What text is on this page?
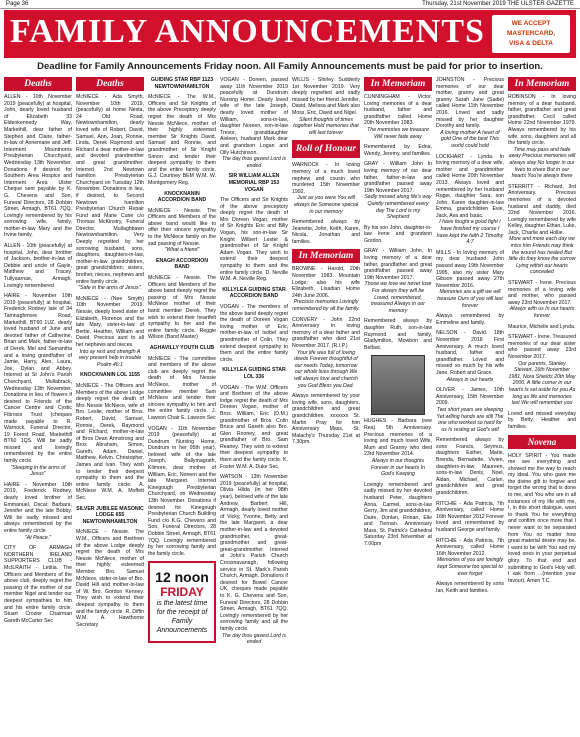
Page 36	Thursday, 21st November 2019 THE ULSTER GAZETTE
FAMILY ANNOUNCEMENTS	WE ACCEPT
MASTERCARD,
VISA & DELTA
Deadline for Family Announcements Friday noon. All Family Announcements must be paid for prior to insertion.
Deaths
ALLEN - 10th November 2019 (peacefully) at hospital, John, dearly loved husband of Elizabeth 33 Eldenkennedy Way, Markethill, dear father of Stephen and Claire, father-in-law of Annemarie and Jeff. Interment Mountnorris Presbyterian Churchyard, Wednesday 13th November. Donations if desired for Southern Area Hospice and Interment Area Ulster Cheque sent payable by K. G. Chevens and Son, Funeral Directors, 28 Dobbin Street, Armagh, BT61 7QQ. Lovingly remembered by his sorrowing wife, family, mother-in-law Mary and the Irvine family.
ALLEN - 10th (peacefully) at hospital, John, dear brother of Jackson, brother-in-law of Debbie and uncle of Gayle, Matthew and Tracey. Tullyaarnae, Armagh. Lovingly remembered
HAIRE - November 10th 2019 (peacefully) at hospital, Frederick Rodney late of 34 Tamnaghmore Road, Markethill, BT60 1UZ, dearly loved husband of June and devoted father of Catherine, Brian and Mark, father-in-law of Derek, Mel and Samantha and a loving grandfather of Jamie, Harry, Alex, Laura, Joe, Dylan and Abbey. Interred at St John's Parish Churchyard, Mullabrack, Wednesday 13th November. Donations in lieu of flowers if desired to Friends of the Cancer Centre and Cystic Fibrosis Trust (cheques made payable to R. Warnock, Funeral Director, 19 Forest Road, Markethill BT60 1QS. Will be sadly missed and lovingly remembered by the entire family circle.
"Sleeping in the arms of Jesus"
HAIRE - November 10th 2019, Frederick Rodney, dearly loved brother of Emmanuel, Oscar, Barbara, Jennifer and the late Bobby. Will be sadly missed and always remembered by the entire family circle.
"At Peace."
CITY OF ARMAGH NORTHERN IRELAND SUPPORTERS CLUB - McILRAITH - Letitia. The Officers and Members of the above club, deeply regret the passing of the mother of our member Nigel and tender our deepest sympathies to him and his entire family circle. Stuart Crozier Chairman Gareth McCarter Sec
Deaths
McNIECE - Ada Smyth, November 10th 2019, (peacefully) at home Nesta, 24 Old Road, Newtownhamilton, dearly loved wife of Robert, David, Samuel, Ann, Joan, Ronnie, Linda, Derek Raymond and Richard a dear mother-in-law and devoted grandmother and great grandmother. Interred 2nd Newtown hamilton Presbyterian Churchyard on Tuesday 12th November. Donations in lieu, if desired, to Second Newtown hamilton Presbyterian Church Repair Fund and Marie Curie c/o Thomas McKinstry, Funeral Director, Mullaghbawn Newtownhamilton. Very Deeply regretted by her sorrowing husband, sons, daughters, daughters-in-law, mother-in-law grandchildren, great grandchildren, sisters, brother, nieces, nephews and entire family circle.
"Safe in the arms of Jesus".
McNIECE - (Nee Smyth) 10th November 2019. Nessie, deeply loved sister of Elizabeth, Florence and the late Mary, sister-in-law of Bertie. Heather, William and David. Precious aunt to all her nephews and nieces.
Into ay rest and strength A very present help in trouble Psalm 46:1
KNOCKNANIN LOL 1155
McNIECE - The Officers and Members of the above Lodge deeply regret the death of Mrs Nessie McNiece, wife of Bro. Leslie, mother of Bros. Robert, David, Samuel, Ronnie, Derek, Raymond and Richard, mother-in-law of Bros Dean Armstrong and Bros Abraham, Simon, Gareth, Adam, Daniel, Matthew, Kelvin. Christopher, James and Ivan. They wish to tender their deepest sympathy to them and the entire family circle. A. McNiece W.M. A. Moffett Sec.
SILVER JUBILEE MASONIC LODGE 655 NEWTOWNHAMILTON
McNIECE - Nessie. The W.M., Officers and Brethren of the above Lodge deeply regret the death of Mrs Nessie McNiece, mother of their highly esteemed Member Bro. Samuel McNiece, sister-in-law of Bro. David Hill and mother-in-law of W. Bro. Gordon Kenney. They wish to extend their deepest sympathy to them and the family circle. R. Diffin W.M. A. Hawthorne Secretary
GUIDING STAR RBP 1123 NEWTOWNHAMILTON
McNIECE - The W.M., Officers and Sir Knights of the above Preceptory deeply regret the death of Mrs Nessie McNiece, mother of their highly esteemed member Sir Knights David, Samuel and Ronnie, and grandmother of Sir Knight Simon and tender their deepest sympathy to them and the entire family circle. G.J. Courtney BEM W.M. W. Montgomery Reg.
KNOCKNANIN ACCORDION BAND
McNIECE - Nessie. The Officers and Members of the above band would like to offer their sincere sympathy to the McNiece family on the sad passing of Nessie.
"What a friend"
ENAGH ACCORDION BAND
McNIECE - Nessie. The Officers and Members of the above band deeply regret the passing of Mrs Nessie McNiece mother of their band member Derek. They wish to extend their heartfelt sympathy to her and the entire family circle. Reggie Wilson (Band Master)
AGHAVILLY YOUTH CLUB
McNIECE - The committee and members of the above club are deeply regret the death of Mrs Nessie McNiece, mother of committee member Sam McNiece and tender their sincere sympathy to him and the entire family circle. J. Lawson Chair E. Lawson Sec
VOGAN - 11th November 2019 (peacefully) at Dundrum Nursing Home, Dundrum in her 95th year), beloved wife of the late Joseph, Ballymagrath, Kilmore, dear mother of William, Eric, Noreen and the late Margaret. Interred Kinegough Presbyterian Churchyard, on Wednesday 13th November. Donations if desired for Kinegough Presbyterian Church Building Fund c/o K.G. Chevens and Son, Funeral Directors, 28 Dobbin Street, Armagh, BT61 7QQ. Lovingly remembered by her sorrowing family and the family circle.
12 noon
FRIDAY
is the latest time for the receipt of Family Announcements
VOGAN - Doreen, passed away 11th November 2019 peacefully at Dundrum Nursing Home. Dearly loved wife of the late Joseph, dearly loved mother of William, sons-in-law, daughter Noreen, son-in-law Trevor, granddaughter Aisleen, husband Mark dear and grandson Logan and Olly Hutchinson.
The day thou gavest Lord is ended
SIR WILLIAM ALLEN MEMORIAL RBP 153 VOGAN
The Officers and Sir Knights of the above preceptory deeply regret the death of Mrs Doreen Vogan, mother of Sir Knights Eric and Billy Vogan, his son-in-law Sir Knight Wilbert Lester & grandmother of Sir Knight Adam Vogan. They wish to extend their deepest sympathy to them and the entire family circle. D. Neville W.M. A. Neville Reg.
KILLYLEA GUIDING STAR ACCORDION BAND
VOGAN - The members of the above band deeply regret the death of Doreen Vogan loving mother of Eric, mother-in-law of Isobel and grandmother of Colin. They extend deepest sympathy to them and the entire family circle.
KILLYLEA GUIDING STAR LOL 336
VOGAN - The W.M. Officers and Brethren of the above lodge regret the death of Mrs Doreen Vogan, mother of Bros. William, Eric (D.M.) grandmother of Bros. Colin Bruce and Gareth also Bro. Glen Rooney, and great grandfather of Bro. Sam Reaney. They wish to extend their deepest sympathy to them and the family circle. K. Foster W.M. A. Duke Sec.
WATSON - 13th November 2019 (peacefully) at hospital, Olivia Hilda (in her 98th year), beloved wife of the late Andrew, Barbert Hill, Armagh, dearly loved mother of Vicky, Yvonne, Betty and the late Margaret, a dear mother-in-law and a devoted grandmother, great-grandmother and great-great-grandmother. Interred at John's Parish Church Crossnavanagh, following service in St. Mark's Parish Church, Armagh. Donations if desired for Bowel Cancer UK, cheques made payable to K. G. Chevens and Son, Funeral Directors, 28 Dobbin Street, Armagh, BT61 7QQ. Lovingly remembered by her sorrowing family and all the family circle.
The day thou gavest Lord is ended
WILLIS - Shirley. Suddenly 1st November 2019. Very deeply regretted and sadly missed by her friend Jennifer, David, Melissa and Mark also Moss, Eric, David and Nigel.
Silent thoughts of times together Hold memories that will last forever
Roll of Honour
WARNOCK - In loving memory of a much loved nephew and cousin who murdered 15th November 1992.
Just as you were You will always be Someone special in our memory
Remembered always by Jeanette, John, Keith, Karen, Nicola, Jonathan and families.
In Memoriam
BROWNE - Harold, 20th November 1983. Mountain Lodge; also his wife Elizabeth, Lisadian Home 24th June 2006.
Precious memories Lovingly remembered by all the family.
CONVERY - John 22nd Anniversary In loving memory of a dear father and grandfather who died 21st November 2017. (R.I.P.)
Your life was full of loving deeds Forever thoughtful of our needs Today, tomorrow our whole lives through We will always love and cherish you God Bless you Dad.
Always remembered by your loving wife, sons, daughters, grandchildren and great grandchildren. xxxxxxx St. Martin Pray for him Anniversary Mass, St. Malachy's Thursday 21st at 7.30pm.
In Memoriam
CUNNINGHAM - Victor. Loving memories of a dear husband, father and grandfather called Home 20th November 1983.
The memories we treasure Will never fade away
Remembered by Edna, Wendy, Jeremy, and families.
GRAY - William John In loving memory of our dear father, father-in-law and grandfather passed away 19th November 2017.
Sadly missed along life's way Quietly remembered every day The Lord is my Shepherd
By his son John, daughter-in-law Irene and grandson Gordon.
GRAY - William John, In loving memory of a dear father, grandfather and great grandfather passed away 19th November 2017.
Those we love we never lose For always they will be Loved, remembered, treasured Always in our memory
Remembered always by daughter Ruth, son-in-law Raymond and family, Gladymilton, Mowbon and Belfast.
HUGHES - Barbara (nee Rea) 5th Anniversary. Precious memories of a loving and much loved Wife, Mum and Granny who died 23rd November 2014.
Always in our thoughts Forever in our hearts In God's Keeping
Lovingly remembered and sadly missed by her devoted husband Peter, daughters Anna, Carmel, sons-in-law Gerry, Jim and grandchildren, Daire, Donlan, Ronan, Elle and Tiernan. Anniversary Mass, St. Patrick's Cathedral Saturday 23rd November at 7.00pm
JOHNSTON - Precious memories of our dear mother, granny and great granny Sarah Jane (Sadie) called Home 11th November 2016. Loved and sadly missed by her daughter Dorothy and family.
A loving mother A heart of gold One of the best This world could hold
LOCKHART - Lynda. In loving memory of a dear wife, mother and grandmother called Home 20th November 2013. Always loved and remembered by her husband Roger, daughter Sara, son John, Karen daughter-in-law Emma, grandchildren Evie, Jack, Ava and Isaac.
I have fought a good fight I have finished my course I have kept the faith 2 Timothy 4:7
MILLS - In loving memory of my dear husband John passed away 19th November 1995, also my sister Mary Gibson passed away 27th November 2016.
Memories are a gift we will treasure Ours of you will last forever
Always remembered by Emmeline and family.
NELSON - David. 18th November 2018 First Anniversary. A much loved husband, father and grandfather. Loved and missed so much by his wife Jane, Robert and Grace.
Always in our hearts
OLIVER - James, 10th Anniversary, 15th November 2009.
Two short years are sleeping Yet willing hands are still The one who worked so hard for us Is resting at God's will
Remembered always by sons Francis, Seymus, daughters Esther, Marie, Brenda, Bernadette, Vivien, daughters-in-law Maureen, sons-in-law Denis, Noel, Aidan, Michael, Carlan, grandchildren and great grandchildren.
RITCHIE - Ada Patricia, 7th Anniversary, called Home 16th November 2012 Forever loved and remembered by husband George and family.
RITCHIE - Ada Patricia, 7th Anniversary, called Home 16th November 2012.
Memories of you are lovingly kept Someone too special to ever forget
Always remembered by sons Ian, Keith and families.
In Memoriam
ROBINSON - In loving memory of a dear husband, father, grandfather and great grandfather, Cecil called Home 22nd November 1979. Always remembered by his wife, sons, daughters and all the family circle.
Time may pass and fade away Precious memories will always stay No longer in our lives to share But in our hearts You're always there
STERRITT - Richard, 3rd Anniversary. Precious memories of a devoted husband and daddy, died 22nd November 2016. Lovingly remembered by wife Kelley, daughter Ethan, Luke, Jack, Charlie and Hollie.
More and more each day we miss him Friends may think the wound has healed But little do they know the sorrow Lying within our hearts concealed
STEWART - Irene. Precious memories of a loving wife and mother, who passed away 23rd November 2017.
Always with us In our hearts forever
Maurice, Michelle and Lynda.
STEWART - Irene. Treasured memories of our dear sister who passed away 23rd November 2017.
Our parents, Stanley Stewart, 16th November 1981, Nora Shields 20th May 2000. A little corner in our hearts Is set aside for you As long as life and memories last We will remember you
Loved and missed everyday by Betty, Heather and families.
Novena
HOLY SPIRIT - You made me see everything and showed me the way to reach my ideal. You who gave me the divine gift to forgive and forget the wrong that is done to me, and You who are in all instances of my life with me, I, in this short dialogue, want to thank You for everything and confirm once more that I never want to be separated from You no matter how great material desire may be. I want to be with You and my loved ones in your perpetual glory. To that end and submitting to God's Holy will. I ask from ...(mention your favour). Amen T.C.
